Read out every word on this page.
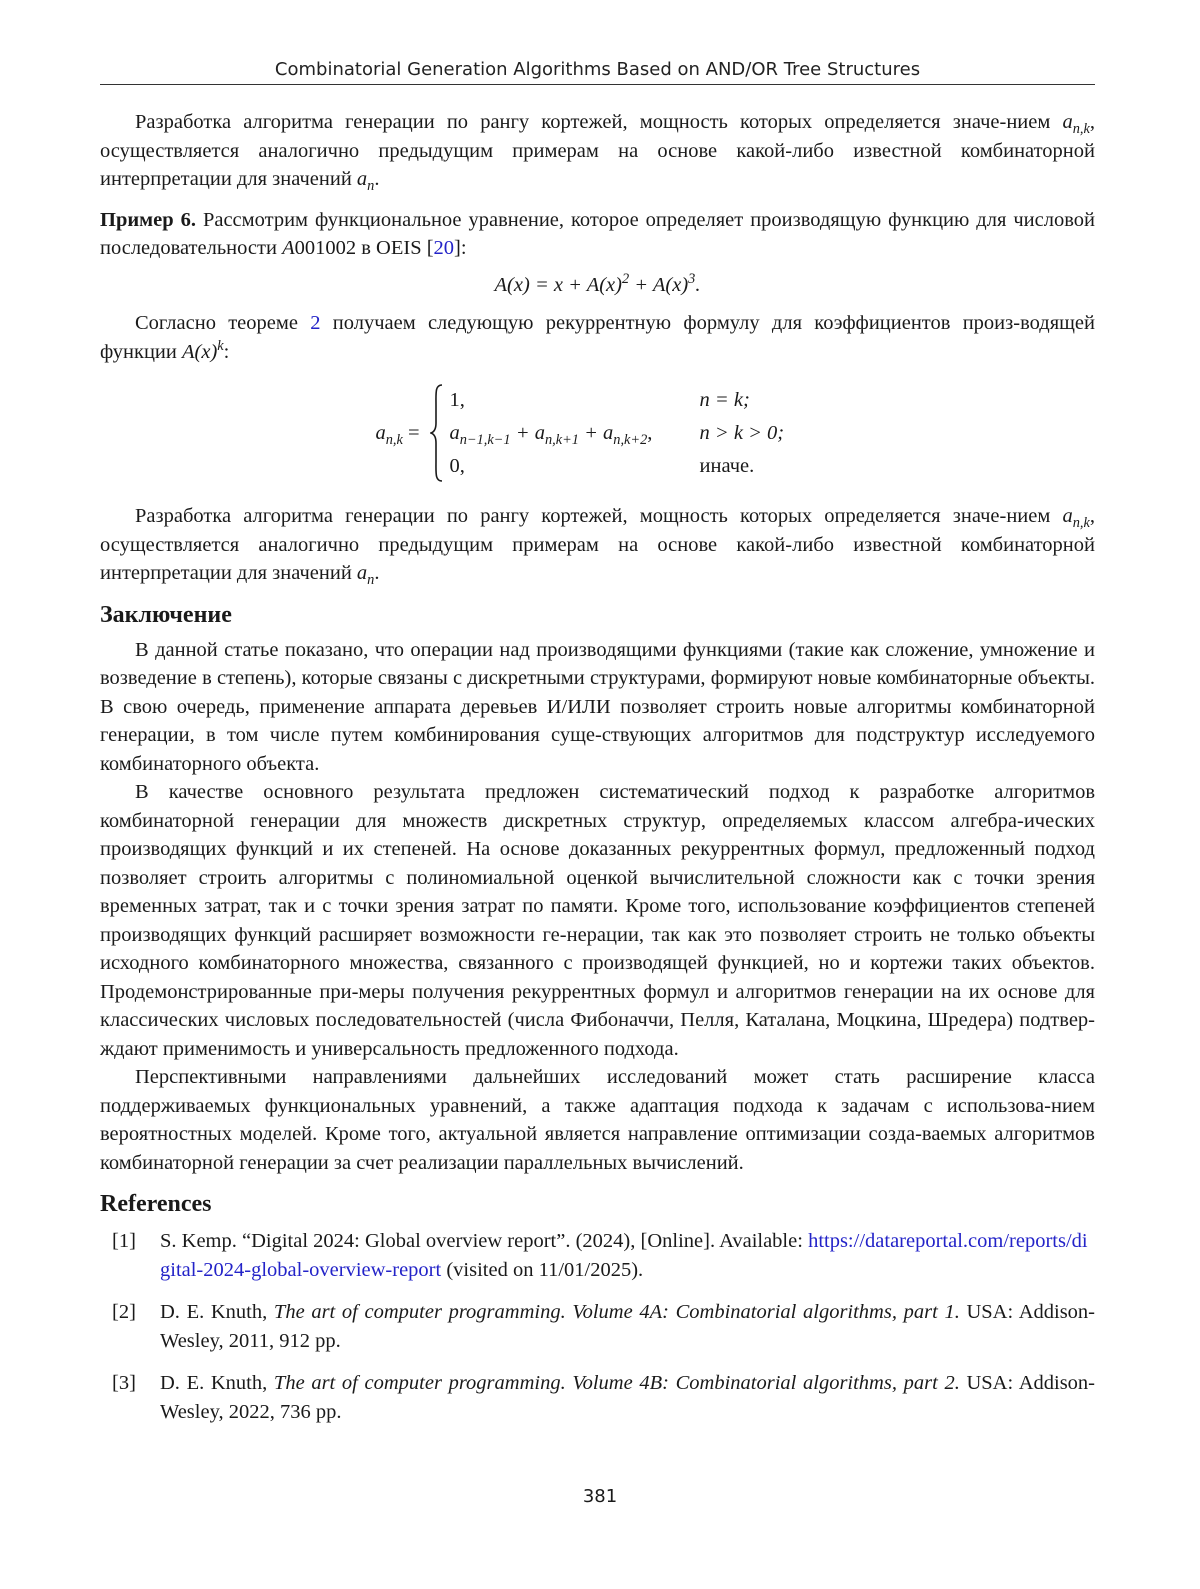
Combinatorial Generation Algorithms Based on AND/OR Tree Structures

Разработка алгоритма генерации по рангу кортежей, мощность которых определяется значе-нием $a_{n,k}$, осуществляется аналогично предыдущим примерам на основе какой-либо известной комбинаторной интерпретации для значений $a_n$.

Пример 6. Рассмотрим функциональное уравнение, которое определяет производящую функцию для числовой последовательности A001002 в OEIS [20]:

$A(x) = x + A(x)^2 + A(x)^3$.

Согласно теореме 2 получаем следующую рекуррентную формулу для коэффициентов произ-водящей функции $A(x)^k$:

$a_{n,k}$ =
1,	n = k;
$a_{n-1,k-1} + a_{n,k+1} + a_{n,k+2}$,	n > k > 0;
0,	иначе.

Разработка алгоритма генерации по рангу кортежей, мощность которых определяется значе-нием $a_{n,k}$, осуществляется аналогично предыдущим примерам на основе какой-либо известной комбинаторной интерпретации для значений $a_n$.

Заключение

В данной статье показано, что операции над производящими функциями (такие как сложение, умножение и возведение в степень), которые связаны с дискретными структурами, формируют новые комбинаторные объекты. В свою очередь, применение аппарата деревьев И/ИЛИ позволяет строить новые алгоритмы комбинаторной генерации, в том числе путем комбинирования суще-ствующих алгоритмов для подструктур исследуемого комбинаторного объекта.

В качестве основного результата предложен систематический подход к разработке алгоритмов комбинаторной генерации для множеств дискретных структур, определяемых классом алгебра-ических производящих функций и их степеней. На основе доказанных рекуррентных формул, предложенный подход позволяет строить алгоритмы с полиномиальной оценкой вычислительной сложности как с точки зрения временных затрат, так и с точки зрения затрат по памяти. Кроме того, использование коэффициентов степеней производящих функций расширяет возможности ге-нерации, так как это позволяет строить не только объекты исходного комбинаторного множества, связанного с производящей функцией, но и кортежи таких объектов. Продемонстрированные при-меры получения рекуррентных формул и алгоритмов генерации на их основе для классических числовых последовательностей (числа Фибоначчи, Пелля, Каталана, Моцкина, Шредера) подтвер-ждают применимость и универсальность предложенного подхода.

Перспективными направлениями дальнейших исследований может стать расширение класса поддерживаемых функциональных уравнений, а также адаптация подхода к задачам с использова-нием вероятностных моделей. Кроме того, актуальной является направление оптимизации созда-ваемых алгоритмов комбинаторной генерации за счет реализации параллельных вычислений.

References
[1]	S. Kemp. “Digital 2024: Global overview report”. (2024), [Online]. Available: https://datareportal.com/reports/digital-2024-global-overview-report (visited on 11/01/2025).
[2]	D. E. Knuth, The art of computer programming. Volume 4A: Combinatorial algorithms, part 1. USA: Addison-Wesley, 2011, 912 pp.
[3]	D. E. Knuth, The art of computer programming. Volume 4B: Combinatorial algorithms, part 2. USA: Addison-Wesley, 2022, 736 pp.
381
